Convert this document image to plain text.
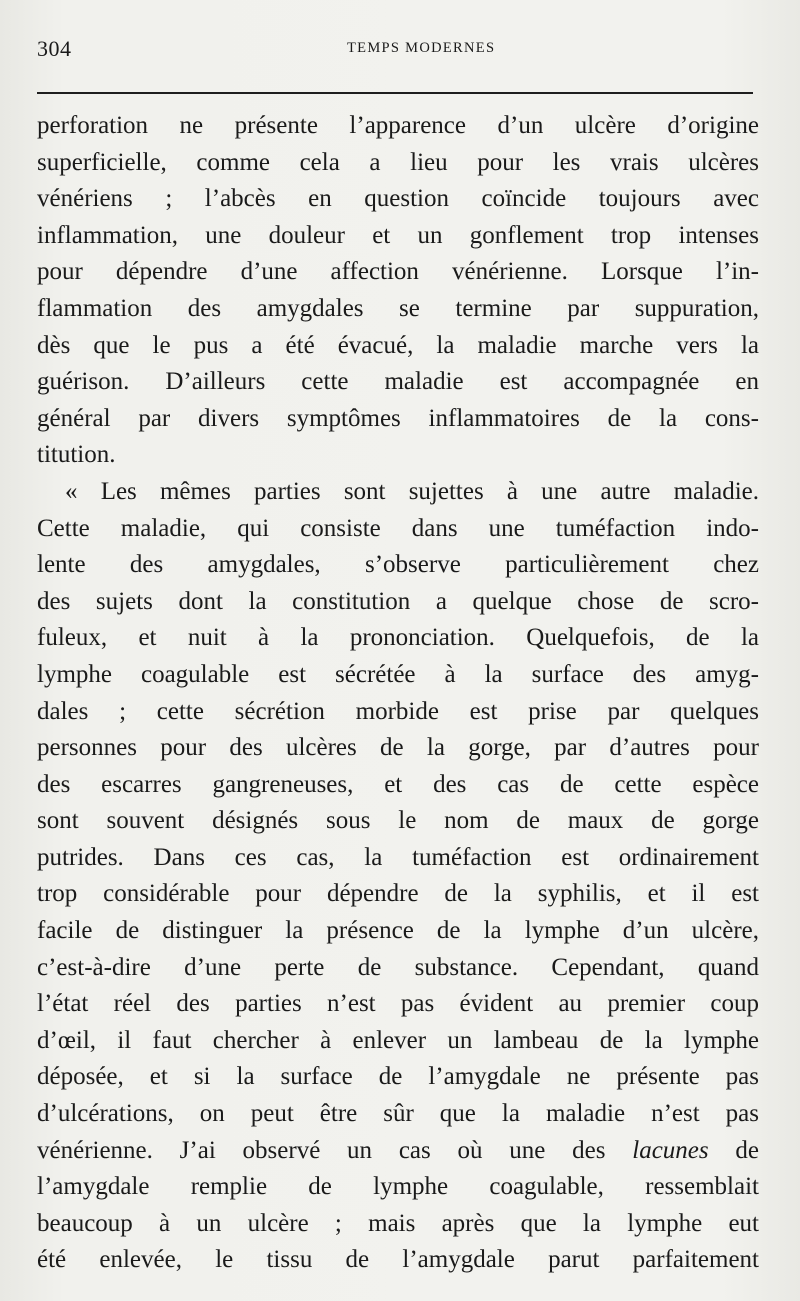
304	TEMPS MODERNES
perforation ne présente l’apparence d’un ulcère d’origine
superficielle, comme cela a lieu pour les vrais ulcères
vénériens ; l’abcès en question coïncide toujours avec
inflammation, une douleur et un gonflement trop intenses
pour dépendre d’une affection vénérienne. Lorsque l’in-
flammation des amygdales se termine par suppuration,
dès que le pus a été évacué, la maladie marche vers la
guérison. D’ailleurs cette maladie est accompagnée en
général par divers symptômes inflammatoires de la cons-
titution.
« Les mêmes parties sont sujettes à une autre maladie.
Cette maladie, qui consiste dans une tuméfaction indo-
lente des amygdales, s’observe particulièrement chez
des sujets dont la constitution a quelque chose de scro-
fuleux, et nuit à la prononciation. Quelquefois, de la
lymphe coagulable est sécrétée à la surface des amyg-
dales ; cette sécrétion morbide est prise par quelques
personnes pour des ulcères de la gorge, par d’autres pour
des escarres gangreneuses, et des cas de cette espèce
sont souvent désignés sous le nom de maux de gorge
putrides. Dans ces cas, la tuméfaction est ordinairement
trop considérable pour dépendre de la syphilis, et il est
facile de distinguer la présence de la lymphe d’un ulcère,
c’est-à-dire d’une perte de substance. Cependant, quand
l’état réel des parties n’est pas évident au premier coup
d’œil, il faut chercher à enlever un lambeau de la lymphe
déposée, et si la surface de l’amygdale ne présente pas
d’ulcérations, on peut être sûr que la maladie n’est pas
vénérienne. J’ai observé un cas où une des lacunes de
l’amygdale remplie de lymphe coagulable, ressemblait
beaucoup à un ulcère ; mais après que la lymphe eut
été enlevée, le tissu de l’amygdale parut parfaitement
